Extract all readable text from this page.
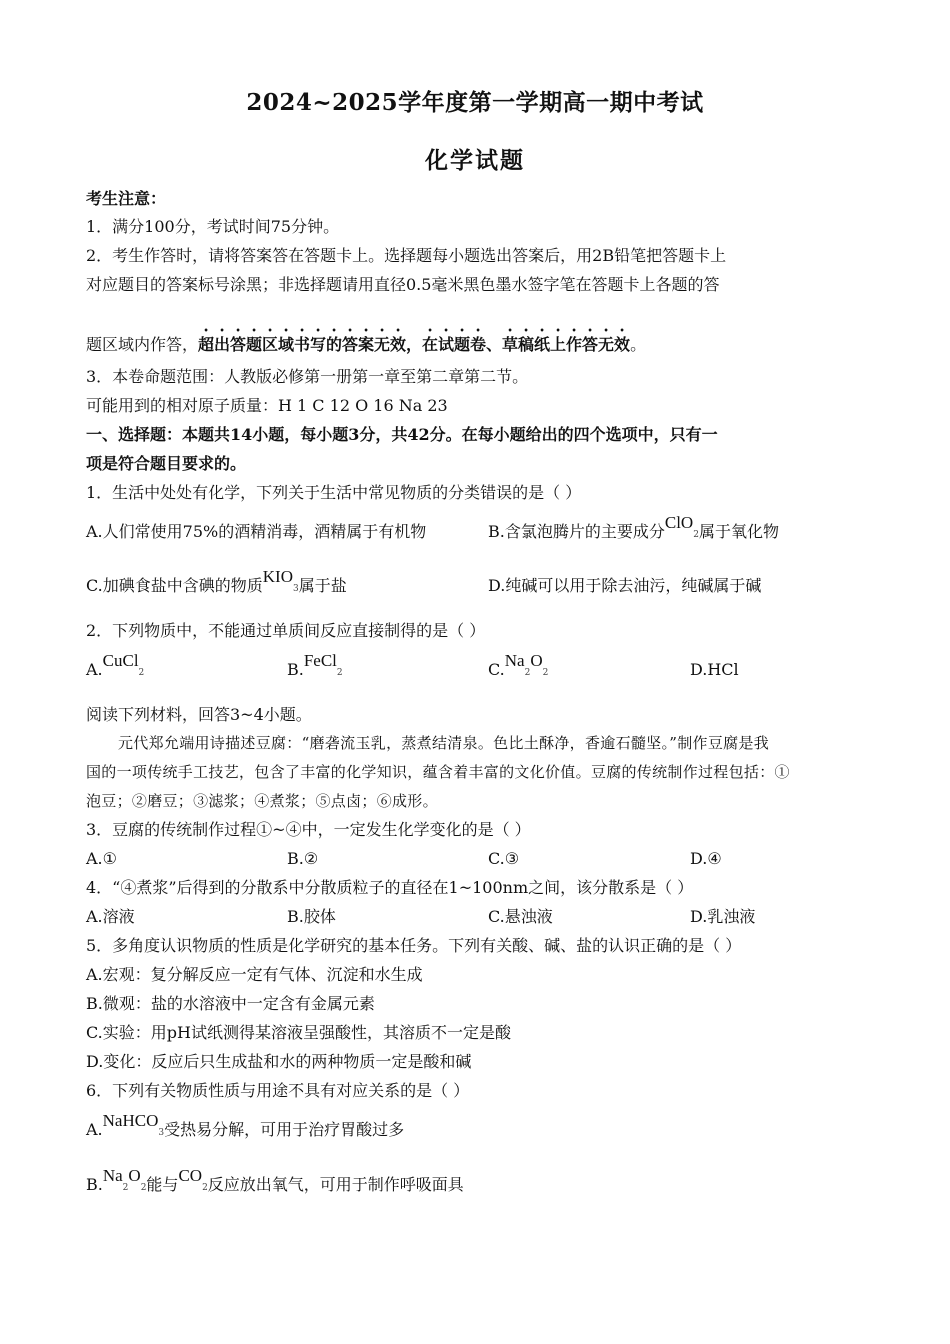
2024~2025学年度第一学期高一期中考试
化学试题
考生注意：
1．满分100分，考试时间75分钟。
2．考生作答时，请将答案答在答题卡上。选择题每小题选出答案后，用2B铅笔把答题卡上
对应题目的答案标号涂黑；非选择题请用直径0.5毫米黑色墨水签字笔在答题卡上各题的答
题区域内作答，超出答题区域书写的答案无效，在试题卷、草稿纸上作答无效。
3．本卷命题范围：人教版必修第一册第一章至第二章第二节。
可能用到的相对原子质量：H 1 C 12 O 16 Na 23
一、选择题：本题共14小题，每小题3分，共42分。在每小题给出的四个选项中，只有一
项是符合题目要求的。
1．生活中处处有化学，下列关于生活中常见物质的分类错误的是（ ）
A.人们常使用75%的酒精消毒，酒精属于有机物	B.含氯泡腾片的主要成分ClO2属于氧化物
C.加碘食盐中含碘的物质KIO3属于盐	D.纯碱可以用于除去油污，纯碱属于碱
2．下列物质中，不能通过单质间反应直接制得的是（ ）
A.CuCl2	B.FeCl2	C.Na2O2	D.HCl
阅读下列材料，回答3~4小题。
元代郑允端用诗描述豆腐：“磨砻流玉乳，蒸煮结清泉。色比土酥净，香逾石髓坚。”制作豆腐是我
国的一项传统手工技艺，包含了丰富的化学知识，蕴含着丰富的文化价值。豆腐的传统制作过程包括：①
泡豆；②磨豆；③滤浆；④煮浆；⑤点卤；⑥成形。
3．豆腐的传统制作过程①~④中，一定发生化学变化的是（ ）
A.①	B.②	C.③	D.④
4．“④煮浆”后得到的分散系中分散质粒子的直径在1~100nm之间，该分散系是（ ）
A.溶液	B.胶体	C.悬浊液	D.乳浊液
5．多角度认识物质的性质是化学研究的基本任务。下列有关酸、碱、盐的认识正确的是（ ）
A.宏观：复分解反应一定有气体、沉淀和水生成
B.微观：盐的水溶液中一定含有金属元素
C.实验：用pH试纸测得某溶液呈强酸性，其溶质不一定是酸
D.变化：反应后只生成盐和水的两种物质一定是酸和碱
6．下列有关物质性质与用途不具有对应关系的是（ ）
A.NaHCO3受热易分解，可用于治疗胃酸过多
B.Na2O2能与CO2反应放出氧气，可用于制作呼吸面具
